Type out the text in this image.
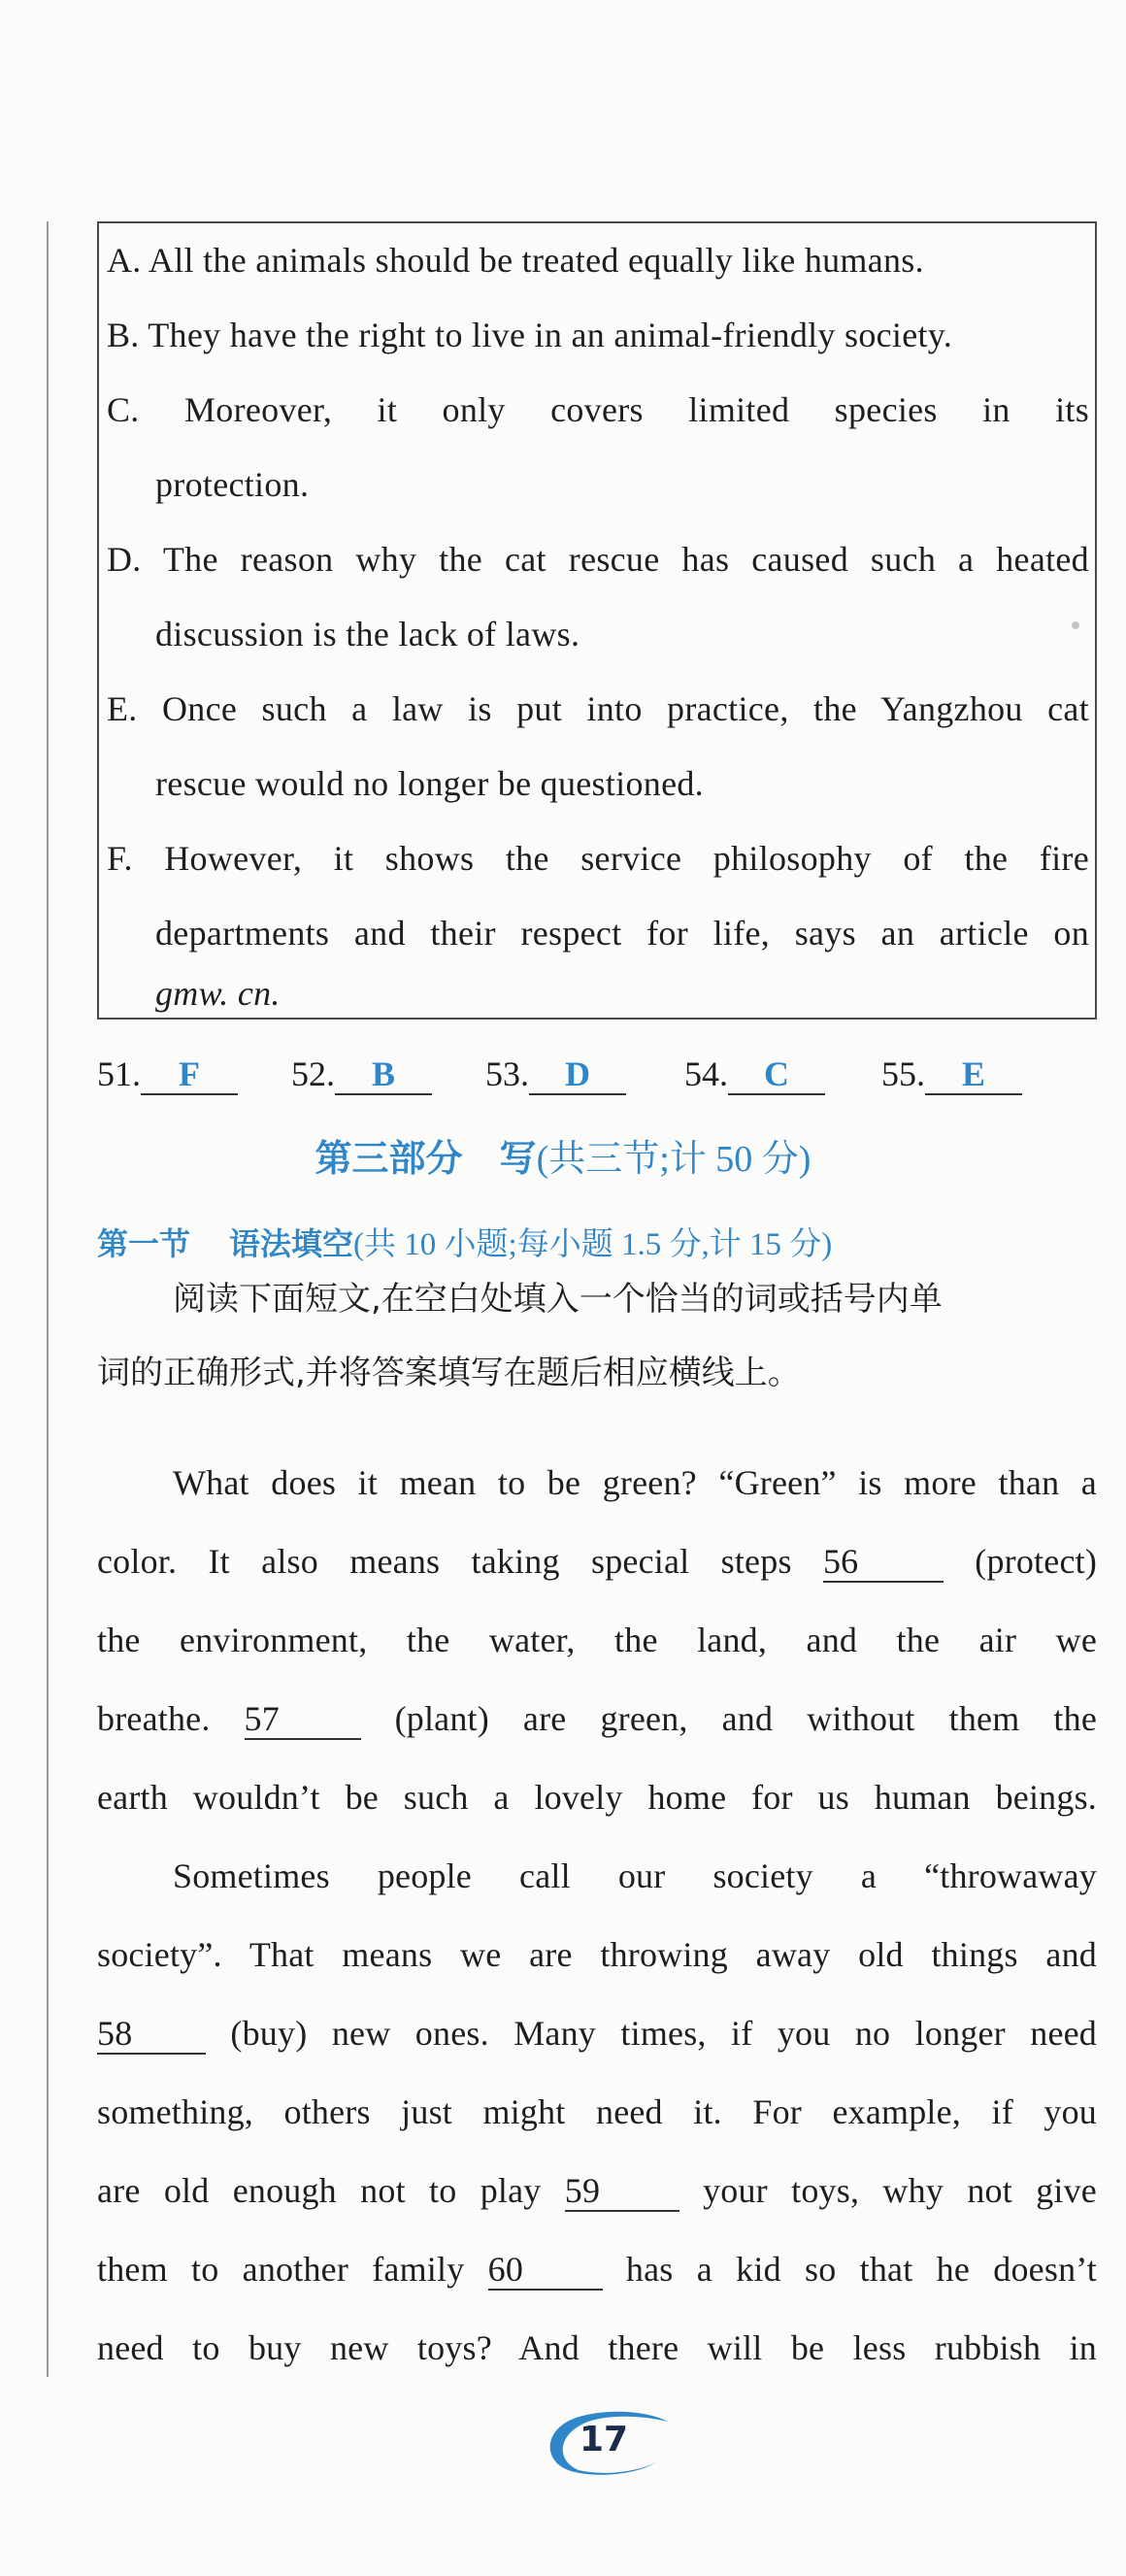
A. All the animals should be treated equally like humans.
B. They have the right to live in an animal-friendly society.
C. Moreover, it only covers limited species in its
protection.
D. The reason why the cat rescue has caused such a heated
discussion is the lack of laws.
E. Once such a law is put into practice, the Yangzhou cat
rescue would no longer be questioned.
F. However, it shows the service philosophy of the fire
departments and their respect for life, says an article on
gmw. cn.
51. F	52. B	53. D	54. C	55. E
第三部分　写(共三节;计 50 分)
第一节 语法填空(共 10 小题;每小题 1.5 分,计 15 分)
阅读下面短文,在空白处填入一个恰当的词或括号内单
词的正确形式,并将答案填写在题后相应横线上。
What does it mean to be green? “Green” is more than a
color. It also means taking special steps 56	(protect)
the environment, the water, the land, and the air we
breathe. 57	(plant) are green, and without them the
earth wouldn’t be such a lovely home for us human beings.
Sometimes people call our society a “throwaway
society”. That means we are throwing away old things and
58	(buy) new ones. Many times, if you no longer need
something, others just might need it. For example, if you
are old enough not to play 59	your toys, why not give
them to another family 60	has a kid so that he doesn’t
need to buy new toys? And there will be less rubbish in
17
